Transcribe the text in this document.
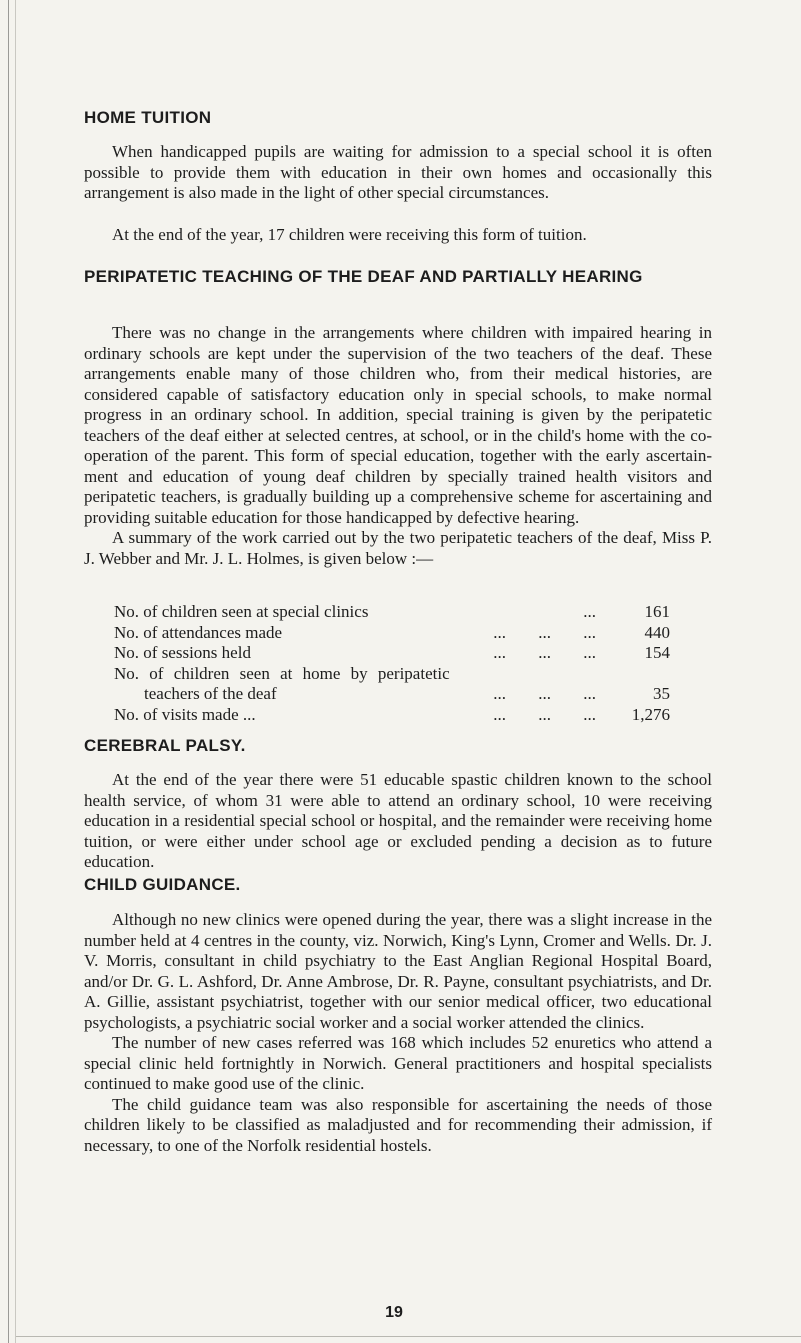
HOME TUITION

When handicapped pupils are waiting for admission to a special school it is often possible to provide them with education in their own homes and occasionally this arrangement is also made in the light of other special circumstances.

At the end of the year, 17 children were receiving this form of tuition.

PERIPATETIC TEACHING OF THE DEAF AND PARTIALLY HEARING

There was no change in the arrangements where children with impaired hearing in ordinary schools are kept under the supervision of the two teachers of the deaf. These arrangements enable many of those children who, from their medical histories, are considered capable of satisfactory education only in special schools, to make normal progress in an ordinary school. In addition, special training is given by the peripatetic teachers of the deaf either at selected centres, at school, or in the child's home with the co-operation of the parent. This form of special education, together with the early ascertainment and education of young deaf children by specially trained health visitors and peripatetic teachers, is gradually building up a comprehensive scheme for ascertaining and providing suitable education for those handicapped by defective hearing.

A summary of the work carried out by the two peripatetic teachers of the deaf, Miss P. J. Webber and Mr. J. L. Holmes, is given below :—

No. of children seen at special clinics	...	161
No. of attendances made	... ... ...	440
No. of sessions held	... ... ...	154
No. of children seen at home by peripatetic
teachers of the deaf	... ... ...	35
No. of visits made ...	... ... ...	1,276
CEREBRAL PALSY.

At the end of the year there were 51 educable spastic children known to the school health service, of whom 31 were able to attend an ordinary school, 10 were receiving education in a residential special school or hospital, and the remainder were receiving home tuition, or were either under school age or excluded pending a decision as to future education.

CHILD GUIDANCE.

Although no new clinics were opened during the year, there was a slight increase in the number held at 4 centres in the county, viz. Norwich, King's Lynn, Cromer and Wells. Dr. J. V. Morris, consultant in child psychiatry to the East Anglian Regional Hospital Board, and/or Dr. G. L. Ashford, Dr. Anne Ambrose, Dr. R. Payne, consultant psychiatrists, and Dr. A. Gillie, assistant psychiatrist, together with our senior medical officer, two educational psychologists, a psychiatric social worker and a social worker attended the clinics.

The number of new cases referred was 168 which includes 52 enuretics who attend a special clinic held fortnightly in Norwich. General practitioners and hospital specialists continued to make good use of the clinic.

The child guidance team was also responsible for ascertaining the needs of those children likely to be classified as maladjusted and for recommending their admission, if necessary, to one of the Norfolk residential hostels.

19
